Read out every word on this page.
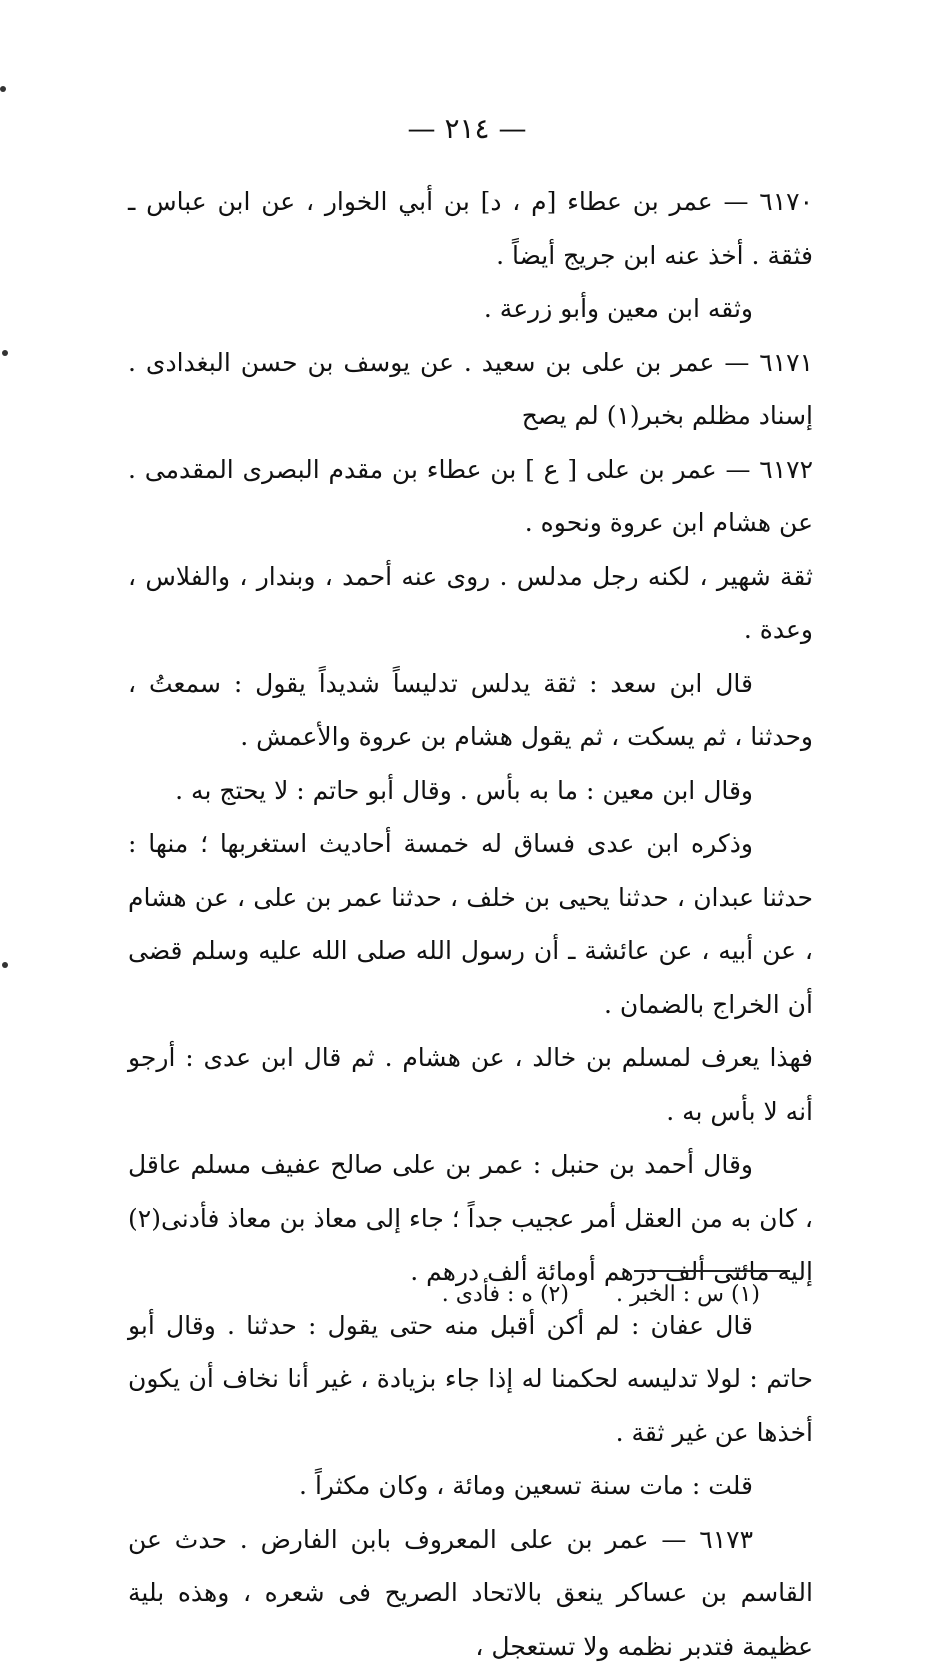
— ٢١٤ —

٦١٧٠ — عمر بن عطاء [م ، د] بن أبي الخوار ، عن ابن عباس ـ فثقة . أخذ عنه ابن جريج أيضاً .

وثقه ابن معين وأبو زرعة .

٦١٧١ — عمر بن على بن سعيد . عن يوسف بن حسن البغدادى . إسناد مظلم بخبر(١) لم يصح

٦١٧٢ — عمر بن على [ ع ] بن عطاء بن مقدم البصرى المقدمى . عن هشام ابن عروة ونحوه .

ثقة شهير ، لكنه رجل مدلس . روى عنه أحمد ، وبندار ، والفلاس ، وعدة .

قال ابن سعد : ثقة يدلس تدليساً شديداً يقول : سمعتُ ، وحدثنا ، ثم يسكت ، ثم يقول هشام بن عروة والأعمش .

وقال ابن معين : ما به بأس . وقال أبو حاتم : لا يحتج به .

وذكره ابن عدى فساق له خمسة أحاديث استغربها ؛ منها : حدثنا عبدان ، حدثنا يحيى بن خلف ، حدثنا عمر بن على ، عن هشام ، عن أبيه ، عن عائشة ـ أن رسول الله صلى الله عليه وسلم قضى أن الخراج بالضمان .

فهذا يعرف لمسلم بن خالد ، عن هشام . ثم قال ابن عدى : أرجو أنه لا بأس به .

وقال أحمد بن حنبل : عمر بن على صالح عفيف مسلم عاقل ، كان به من العقل أمر عجيب جداً ؛ جاء إلى معاذ بن معاذ فأدنى(٢) إليه مائتى ألف درهم أومائة ألف درهم .

قال عفان : لم أكن أقبل منه حتى يقول : حدثنا . وقال أبو حاتم : لولا تدليسه لحكمنا له إذا جاء بزيادة ، غير أنا نخاف أن يكون أخذها عن غير ثقة .

قلت : مات سنة تسعين ومائة ، وكان مكثراً .

٦١٧٣ — عمر بن على المعروف بابن الفارض . حدث عن القاسم بن عساكر ينعق بالاتحاد الصريح فى شعره ، وهذه بلية عظيمة فتدبر نظمه ولا تستعجل ،

(١) س : الخبر . (٢) ه : فأدى .
